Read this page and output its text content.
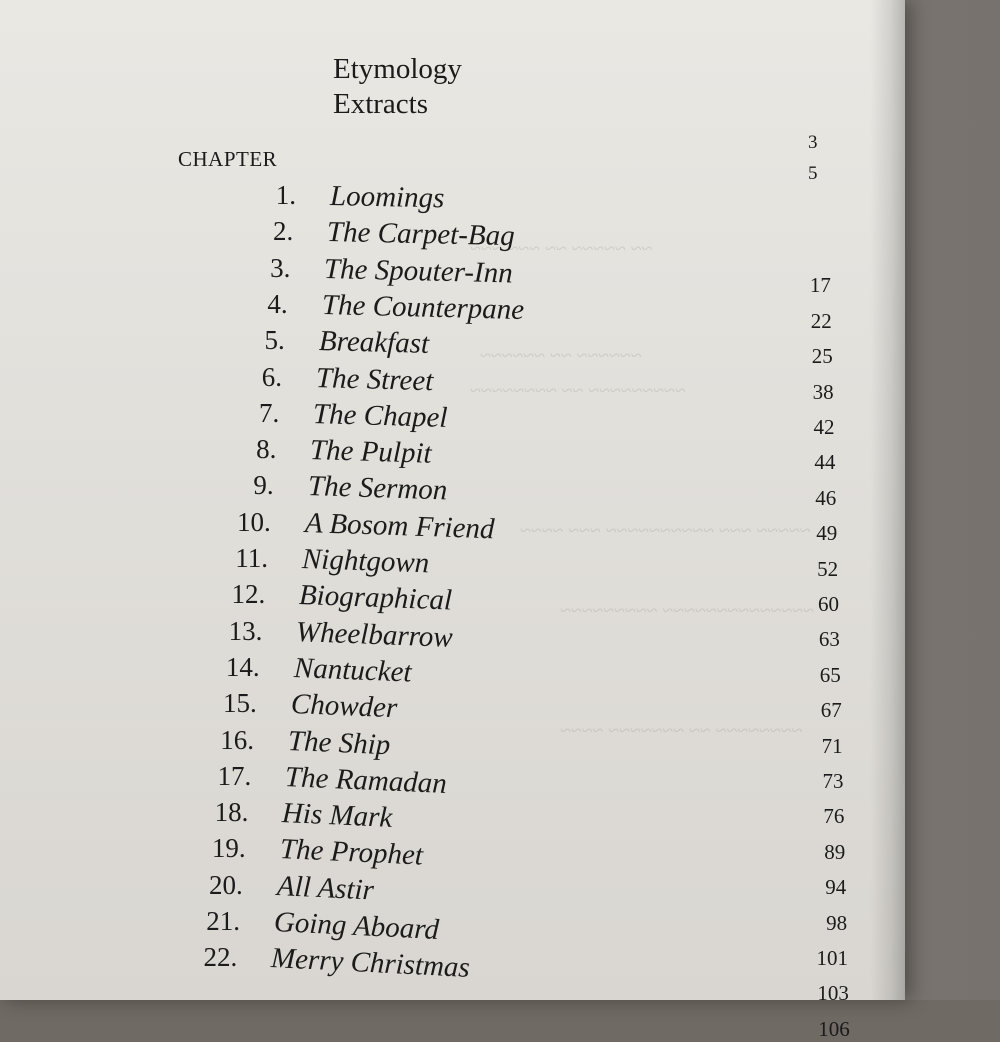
~~ ~~~~~ ~~ ~~~ ~~~
~~~~~~ ~~ ~~~~~~
~~~~~~~~~ ~~ ~~~~~~~~
~~~~~ ~~~ ~~~~~~~~~~ ~~~ ~~~~
~~~~~~~~~~~~~~ ~~~~~~~~~
~~~~~~~~ ~~ ~~~~~~~ ~~~~
Etymology
Extracts
3
5
CHAPTER
1. Loomings
2. The Carpet-Bag
17
3. The Spouter-Inn
22
4. The Counterpane
25
5. Breakfast
38
6. The Street
42
7. The Chapel
44
8. The Pulpit
46
9. The Sermon
49
10. A Bosom Friend
52
11. Nightgown
60
12. Biographical
63
13. Wheelbarrow
65
14. Nantucket
67
15. Chowder
71
16. The Ship
73
17. The Ramadan
76
18. His Mark
89
19. The Prophet
94
20. All Astir
98
21. Going Aboard
101
22. Merry Christmas
103
106
